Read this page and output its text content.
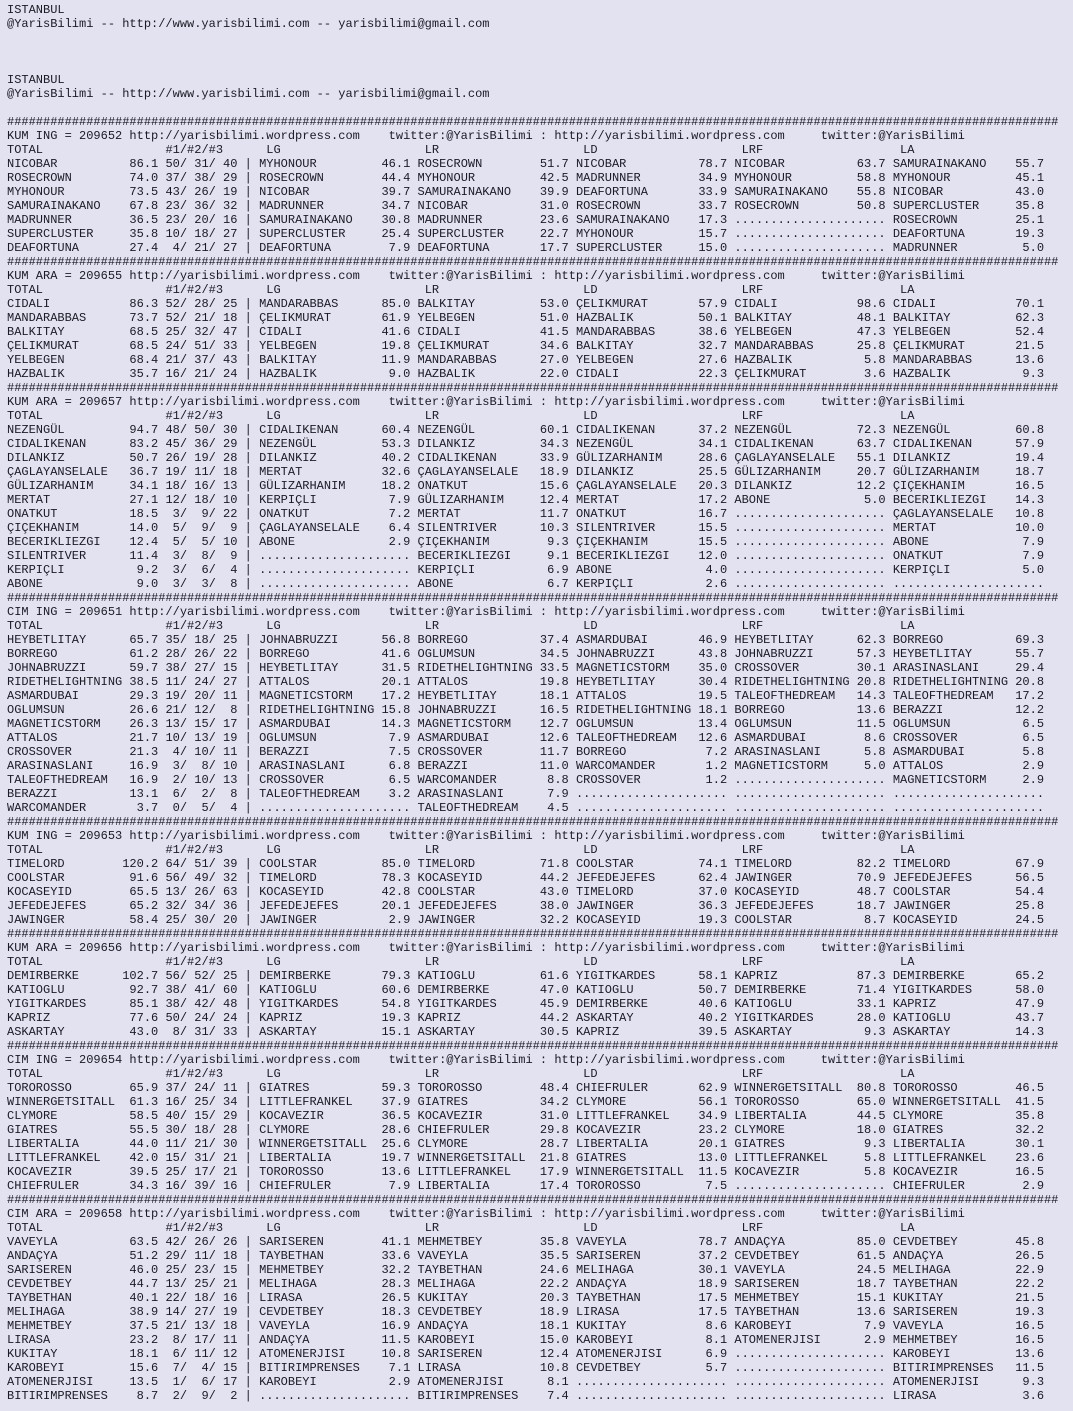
ISTANBUL
@YarisBilimi -- http://www.yarisbilimi.com -- yarisbilimi@gmail.com
ISTANBUL
@YarisBilimi -- http://www.yarisbilimi.com -- yarisbilimi@gmail.com
##################################################################################################################################################
KUM ING = 209652 http://yarisbilimi.wordpress.com twitter:@YarisBilimi : http://yarisbilimi.wordpress.com	twitter:@YarisBilimi
TOTAL                 #1/#2/#3      LG                    LR                    LD                    LRF                   LA
NICOBAR          86.1 50/ 31/ 40 | MYHONOUR         46.1 ROSECROWN        51.7 NICOBAR          78.7 NICOBAR          63.7 SAMURAINAKANO    55.7
ROSECROWN        74.0 37/ 38/ 29 | ROSECROWN        44.4 MYHONOUR         42.5 MADRUNNER        34.9 MYHONOUR         58.8 MYHONOUR         45.1
MYHONOUR         73.5 43/ 26/ 19 | NICOBAR          39.7 SAMURAINAKANO    39.9 DEAFORTUNA       33.9 SAMURAINAKANO    55.8 NICOBAR          43.0
SAMURAINAKANO    67.8 23/ 36/ 32 | MADRUNNER        34.7 NICOBAR          31.0 ROSECROWN        33.7 ROSECROWN        50.8 SUPERCLUSTER     35.8
MADRUNNER        36.5 23/ 20/ 16 | SAMURAINAKANO    30.8 MADRUNNER        23.6 SAMURAINAKANO    17.3 ..................... ROSECROWN        25.1
SUPERCLUSTER     35.8 10/ 18/ 27 | SUPERCLUSTER     25.4 SUPERCLUSTER     22.7 MYHONOUR         15.7 ..................... DEAFORTUNA       19.3
DEAFORTUNA       27.4  4/ 21/ 27 | DEAFORTUNA        7.9 DEAFORTUNA       17.7 SUPERCLUSTER     15.0 ..................... MADRUNNER         5.0
##################################################################################################################################################
KUM ARA = 209655 http://yarisbilimi.wordpress.com twitter:@YarisBilimi : http://yarisbilimi.wordpress.com	twitter:@YarisBilimi
TOTAL                 #1/#2/#3      LG                    LR                    LD                    LRF                   LA
CIDALI           86.3 52/ 28/ 25 | MANDARABBAS      85.0 BALKITAY         53.0 ÇELIKMURAT       57.9 CIDALI           98.6 CIDALI           70.1
MANDARABBAS      73.7 52/ 21/ 18 | ÇELIKMURAT       61.9 YELBEGEN         51.0 HAZBALIK         50.1 BALKITAY         48.1 BALKITAY         62.3
BALKITAY         68.5 25/ 32/ 47 | CIDALI           41.6 CIDALI           41.5 MANDARABBAS      38.6 YELBEGEN         47.3 YELBEGEN         52.4
ÇELIKMURAT       68.5 24/ 51/ 33 | YELBEGEN         19.8 ÇELIKMURAT       34.6 BALKITAY         32.7 MANDARABBAS      25.8 ÇELIKMURAT       21.5
YELBEGEN         68.4 21/ 37/ 43 | BALKITAY         11.9 MANDARABBAS      27.0 YELBEGEN         27.6 HAZBALIK          5.8 MANDARABBAS      13.6
HAZBALIK         35.7 16/ 21/ 24 | HAZBALIK          9.0 HAZBALIK         22.0 CIDALI           22.3 ÇELIKMURAT        3.6 HAZBALIK          9.3
##################################################################################################################################################
KUM ARA = 209657 http://yarisbilimi.wordpress.com twitter:@YarisBilimi : http://yarisbilimi.wordpress.com	twitter:@YarisBilimi
TOTAL                 #1/#2/#3      LG                    LR                    LD                    LRF                   LA
NEZENGÜL         94.7 48/ 50/ 30 | CIDALIKENAN      60.4 NEZENGÜL         60.1 CIDALIKENAN      37.2 NEZENGÜL         72.3 NEZENGÜL         60.8
CIDALIKENAN      83.2 45/ 36/ 29 | NEZENGÜL         53.3 DILANKIZ         34.3 NEZENGÜL         34.1 CIDALIKENAN      63.7 CIDALIKENAN      57.9
DILANKIZ         50.7 26/ 19/ 28 | DILANKIZ         40.2 CIDALIKENAN      33.9 GÜLIZARHANIM     28.6 ÇAGLAYANSELALE   55.1 DILANKIZ         19.4
ÇAGLAYANSELALE   36.7 19/ 11/ 18 | MERTAT           32.6 ÇAGLAYANSELALE   18.9 DILANKIZ         25.5 GÜLIZARHANIM     20.7 GÜLIZARHANIM     18.7
GÜLIZARHANIM     34.1 18/ 16/ 13 | GÜLIZARHANIM     18.2 ONATKUT          15.6 ÇAGLAYANSELALE   20.3 DILANKIZ         12.2 ÇIÇEKHANIM       16.5
MERTAT           27.1 12/ 18/ 10 | KERPIÇLI          7.9 GÜLIZARHANIM     12.4 MERTAT           17.2 ABONE             5.0 BECERIKLIEZGI    14.3
ONATKUT          18.5  3/  9/ 22 | ONATKUT           7.2 MERTAT           11.7 ONATKUT          16.7 ..................... ÇAGLAYANSELALE   10.8
ÇIÇEKHANIM       14.0  5/  9/  9 | ÇAGLAYANSELALE    6.4 SILENTRIVER      10.3 SILENTRIVER      15.5 ..................... MERTAT           10.0
BECERIKLIEZGI    12.4  5/  5/ 10 | ABONE             2.9 ÇIÇEKHANIM        9.3 ÇIÇEKHANIM       15.5 ..................... ABONE             7.9
SILENTRIVER      11.4  3/  8/  9 | ..................... BECERIKLIEZGI     9.1 BECERIKLIEZGI    12.0 ..................... ONATKUT           7.9
KERPIÇLI          9.2  3/  6/  4 | ..................... KERPIÇLI          6.9 ABONE             4.0 ..................... KERPIÇLI          5.0
ABONE             9.0  3/  3/  8 | ..................... ABONE             6.7 KERPIÇLI          2.6 ..................... .....................
##################################################################################################################################################
CIM ING = 209651 http://yarisbilimi.wordpress.com twitter:@YarisBilimi : http://yarisbilimi.wordpress.com	twitter:@YarisBilimi
TOTAL                 #1/#2/#3      LG                    LR                    LD                    LRF                   LA
HEYBETLITAY      65.7 35/ 18/ 25 | JOHNABRUZZI      56.8 BORREGO          37.4 ASMARDUBAI       46.9 HEYBETLITAY      62.3 BORREGO          69.3
BORREGO          61.2 28/ 26/ 22 | BORREGO          41.6 OGLUMSUN         34.5 JOHNABRUZZI      43.8 JOHNABRUZZI      57.3 HEYBETLITAY      55.7
JOHNABRUZZI      59.7 38/ 27/ 15 | HEYBETLITAY      31.5 RIDETHELIGHTNING 33.5 MAGNETICSTORM    35.0 CROSSOVER        30.1 ARASINASLANI     29.4
RIDETHELIGHTNING 38.5 11/ 24/ 27 | ATTALOS          20.1 ATTALOS          19.8 HEYBETLITAY      30.4 RIDETHELIGHTNING 20.8 RIDETHELIGHTNING 20.8
ASMARDUBAI       29.3 19/ 20/ 11 | MAGNETICSTORM    17.2 HEYBETLITAY      18.1 ATTALOS          19.5 TALEOFTHEDREAM   14.3 TALEOFTHEDREAM   17.2
OGLUMSUN         26.6 21/ 12/  8 | RIDETHELIGHTNING 15.8 JOHNABRUZZI      16.5 RIDETHELIGHTNING 18.1 BORREGO          13.6 BERAZZI          12.2
MAGNETICSTORM    26.3 13/ 15/ 17 | ASMARDUBAI       14.3 MAGNETICSTORM    12.7 OGLUMSUN         13.4 OGLUMSUN         11.5 OGLUMSUN          6.5
ATTALOS          21.7 10/ 13/ 19 | OGLUMSUN          7.9 ASMARDUBAI       12.6 TALEOFTHEDREAM   12.6 ASMARDUBAI        8.6 CROSSOVER         6.5
CROSSOVER        21.3  4/ 10/ 11 | BERAZZI           7.5 CROSSOVER        11.7 BORREGO           7.2 ARASINASLANI      5.8 ASMARDUBAI        5.8
ARASINASLANI     16.9  3/  8/ 10 | ARASINASLANI      6.8 BERAZZI          11.0 WARCOMANDER       1.2 MAGNETICSTORM     5.0 ATTALOS           2.9
TALEOFTHEDREAM   16.9  2/ 10/ 13 | CROSSOVER         6.5 WARCOMANDER       8.8 CROSSOVER         1.2 ..................... MAGNETICSTORM     2.9
BERAZZI          13.1  6/  2/  8 | TALEOFTHEDREAM    3.2 ARASINASLANI      7.9 ..................... ..................... .....................
WARCOMANDER       3.7  0/  5/  4 | ..................... TALEOFTHEDREAM    4.5 ..................... ..................... .....................
##################################################################################################################################################
KUM ING = 209653 http://yarisbilimi.wordpress.com twitter:@YarisBilimi : http://yarisbilimi.wordpress.com	twitter:@YarisBilimi
TOTAL                 #1/#2/#3      LG                    LR                    LD                    LRF                   LA
TIMELORD        120.2 64/ 51/ 39 | COOLSTAR         85.0 TIMELORD         71.8 COOLSTAR         74.1 TIMELORD         82.2 TIMELORD         67.9
COOLSTAR         91.6 56/ 49/ 32 | TIMELORD         78.3 KOCASEYID        44.2 JEFEDEJEFES      62.4 JAWINGER         70.9 JEFEDEJEFES      56.5
KOCASEYID        65.5 13/ 26/ 63 | KOCASEYID        42.8 COOLSTAR         43.0 TIMELORD         37.0 KOCASEYID        48.7 COOLSTAR         54.4
JEFEDEJEFES      65.2 32/ 34/ 36 | JEFEDEJEFES      20.1 JEFEDEJEFES      38.0 JAWINGER         36.3 JEFEDEJEFES      18.7 JAWINGER         25.8
JAWINGER         58.4 25/ 30/ 20 | JAWINGER          2.9 JAWINGER         32.2 KOCASEYID        19.3 COOLSTAR          8.7 KOCASEYID        24.5
##################################################################################################################################################
KUM ARA = 209656 http://yarisbilimi.wordpress.com twitter:@YarisBilimi : http://yarisbilimi.wordpress.com	twitter:@YarisBilimi
TOTAL                 #1/#2/#3      LG                    LR                    LD                    LRF                   LA
DEMIRBERKE      102.7 56/ 52/ 25 | DEMIRBERKE       79.3 KATIOGLU         61.6 YIGITKARDES      58.1 KAPRIZ           87.3 DEMIRBERKE       65.2
KATIOGLU         92.7 38/ 41/ 60 | KATIOGLU         60.6 DEMIRBERKE       47.0 KATIOGLU         50.7 DEMIRBERKE       71.4 YIGITKARDES      58.0
YIGITKARDES      85.1 38/ 42/ 48 | YIGITKARDES      54.8 YIGITKARDES      45.9 DEMIRBERKE       40.6 KATIOGLU         33.1 KAPRIZ           47.9
KAPRIZ           77.6 50/ 24/ 24 | KAPRIZ           19.3 KAPRIZ           44.2 ASKARTAY         40.2 YIGITKARDES      28.0 KATIOGLU         43.7
ASKARTAY         43.0  8/ 31/ 33 | ASKARTAY         15.1 ASKARTAY         30.5 KAPRIZ           39.5 ASKARTAY          9.3 ASKARTAY         14.3
##################################################################################################################################################
CIM ING = 209654 http://yarisbilimi.wordpress.com twitter:@YarisBilimi : http://yarisbilimi.wordpress.com	twitter:@YarisBilimi
TOTAL                 #1/#2/#3      LG                    LR                    LD                    LRF                   LA
TOROROSSO        65.9 37/ 24/ 11 | GIATRES          59.3 TOROROSSO        48.4 CHIEFRULER       62.9 WINNERGETSITALL  80.8 TOROROSSO        46.5
WINNERGETSITALL  61.3 16/ 25/ 34 | LITTLEFRANKEL    37.9 GIATRES          34.2 CLYMORE          56.1 TOROROSSO        65.0 WINNERGETSITALL  41.5
CLYMORE          58.5 40/ 15/ 29 | KOCAVEZIR        36.5 KOCAVEZIR        31.0 LITTLEFRANKEL    34.9 LIBERTALIA       44.5 CLYMORE          35.8
GIATRES          55.5 30/ 18/ 28 | CLYMORE          28.6 CHIEFRULER       29.8 KOCAVEZIR        23.2 CLYMORE          18.0 GIATRES          32.2
LIBERTALIA       44.0 11/ 21/ 30 | WINNERGETSITALL  25.6 CLYMORE          28.7 LIBERTALIA       20.1 GIATRES           9.3 LIBERTALIA       30.1
LITTLEFRANKEL    42.0 15/ 31/ 21 | LIBERTALIA       19.7 WINNERGETSITALL  21.8 GIATRES          13.0 LITTLEFRANKEL     5.8 LITTLEFRANKEL    23.6
KOCAVEZIR        39.5 25/ 17/ 21 | TOROROSSO        13.6 LITTLEFRANKEL    17.9 WINNERGETSITALL  11.5 KOCAVEZIR         5.8 KOCAVEZIR        16.5
CHIEFRULER       34.3 16/ 39/ 16 | CHIEFRULER        7.9 LIBERTALIA       17.4 TOROROSSO         7.5 ..................... CHIEFRULER        2.9
##################################################################################################################################################
CIM ARA = 209658 http://yarisbilimi.wordpress.com twitter:@YarisBilimi : http://yarisbilimi.wordpress.com	twitter:@YarisBilimi
TOTAL                 #1/#2/#3      LG                    LR                    LD                    LRF                   LA
VAVEYLA          63.5 42/ 26/ 26 | SARISEREN        41.1 MEHMETBEY        35.8 VAVEYLA          78.7 ANDAÇYA          85.0 CEVDETBEY        45.8
ANDAÇYA          51.2 29/ 11/ 18 | TAYBETHAN        33.6 VAVEYLA          35.5 SARISEREN        37.2 CEVDETBEY        61.5 ANDAÇYA          26.5
SARISEREN        46.0 25/ 23/ 15 | MEHMETBEY        32.2 TAYBETHAN        24.6 MELIHAGA         30.1 VAVEYLA          24.5 MELIHAGA         22.9
CEVDETBEY        44.7 13/ 25/ 21 | MELIHAGA         28.3 MELIHAGA         22.2 ANDAÇYA          18.9 SARISEREN        18.7 TAYBETHAN        22.2
TAYBETHAN        40.1 22/ 18/ 16 | LIRASA           26.5 KUKITAY          20.3 TAYBETHAN        17.5 MEHMETBEY        15.1 KUKITAY          21.5
MELIHAGA         38.9 14/ 27/ 19 | CEVDETBEY        18.3 CEVDETBEY        18.9 LIRASA           17.5 TAYBETHAN        13.6 SARISEREN        19.3
MEHMETBEY        37.5 21/ 13/ 18 | VAVEYLA          16.9 ANDAÇYA          18.1 KUKITAY           8.6 KAROBEYI          7.9 VAVEYLA          16.5
LIRASA           23.2  8/ 17/ 11 | ANDAÇYA          11.5 KAROBEYI         15.0 KAROBEYI          8.1 ATOMENERJISI      2.9 MEHMETBEY        16.5
KUKITAY          18.1  6/ 11/ 12 | ATOMENERJISI     10.8 SARISEREN        12.4 ATOMENERJISI      6.9 ..................... KAROBEYI         13.6
KAROBEYI         15.6  7/  4/ 15 | BITIRIMPRENSES    7.1 LIRASA           10.8 CEVDETBEY         5.7 ..................... BITIRIMPRENSES   11.5
ATOMENERJISI     13.5  1/  6/ 17 | KAROBEYI          2.9 ATOMENERJISI      8.1 ..................... ..................... ATOMENERJISI      9.3
BITIRIMPRENSES    8.7  2/  9/  2 | ..................... BITIRIMPRENSES    7.4 ..................... ..................... LIRASA            3.6
